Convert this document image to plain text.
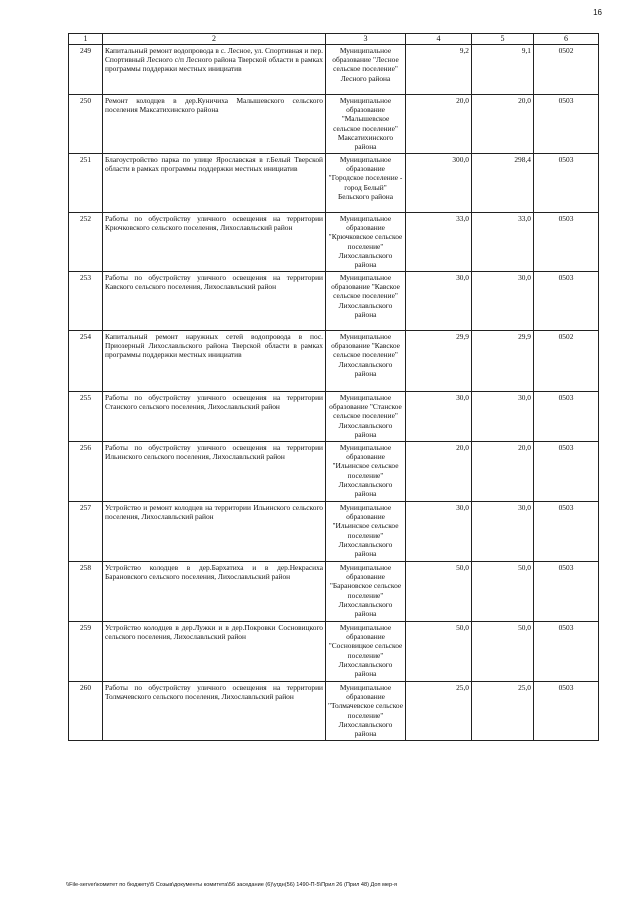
16
1	2	3	4	5	6
249	Капитальный ремонт водопровода в с. Лесное, ул. Спортивная и пер. Спортивный Лесного с/п Лесного района Тверской области в рамках программы поддержки местных инициатив	Муниципальное образование "Лесное сельское поселение" Лесного района	9,2	9,1	0502
250	Ремонт колодцев в дер.Куничиха Малышевского сельского поселения Максатихинского района	Муниципальное образование "Малышевское сельское поселение" Максатихинского района	20,0	20,0	0503
251	Благоустройство парка по улице Ярославская в г.Белый Тверской области в рамках программы поддержки местных инициатив	Муниципальное образование "Городское поселение - город Белый" Бельского района	300,0	298,4	0503
252	Работы по обустройству уличного освещения на территории Крючковского сельского поселения, Лихославльский район	Муниципальное образование "Крючковское сельское поселение" Лихославльского района	33,0	33,0	0503
253	Работы по обустройству уличного освещения на территории Кавского сельского поселения, Лихославльский район	Муниципальное образование "Кавское сельское поселение" Лихославльского района	30,0	30,0	0503
254	Капитальный ремонт наружных сетей водопровода в пос. Приозерный Лихославльского района Тверской области в рамках программы поддержки местных инициатив	Муниципальное образование "Кавское сельское поселение" Лихославльского района	29,9	29,9	0502
255	Работы по обустройству уличного освещения на территории Станского сельского поселения, Лихославльский район	Муниципальное образование "Станское сельское поселение" Лихославльского района	30,0	30,0	0503
256	Работы по обустройству уличного освещения на территории Ильинского сельского поселения, Лихославльский район	Муниципальное образование "Ильинское сельское поселение" Лихославльского района	20,0	20,0	0503
257	Устройство и ремонт колодцев на территории Ильинского сельского поселения, Лихославльский район	Муниципальное образование "Ильинское сельское поселение" Лихославльского района	30,0	30,0	0503
258	Устройство колодцев в дер.Бархатиха и в дер.Некрасиха Барановского сельского поселения, Лихославльский район	Муниципальное образование "Барановское сельское поселение" Лихославльского района	50,0	50,0	0503
259	Устройство колодцев в дер.Лужки и в дер.Покровки Сосновицкого сельского поселения, Лихославльский район	Муниципальное образование "Сосновицкое сельское поселение" Лихославльского района	50,0	50,0	0503
260	Работы по обустройству уличного освещения на территории Толмачевского сельского поселения, Лихославльский район	Муниципальное образование "Толмачевское сельское поселение" Лихославльского района	25,0	25,0	0503
\\File-server\комитет по бюджету\5 Созыв\документы комитета\56 заседание (6)\угдн(56) 1490-П-5\Прил 26 (Прил 48) Доп мер-я
